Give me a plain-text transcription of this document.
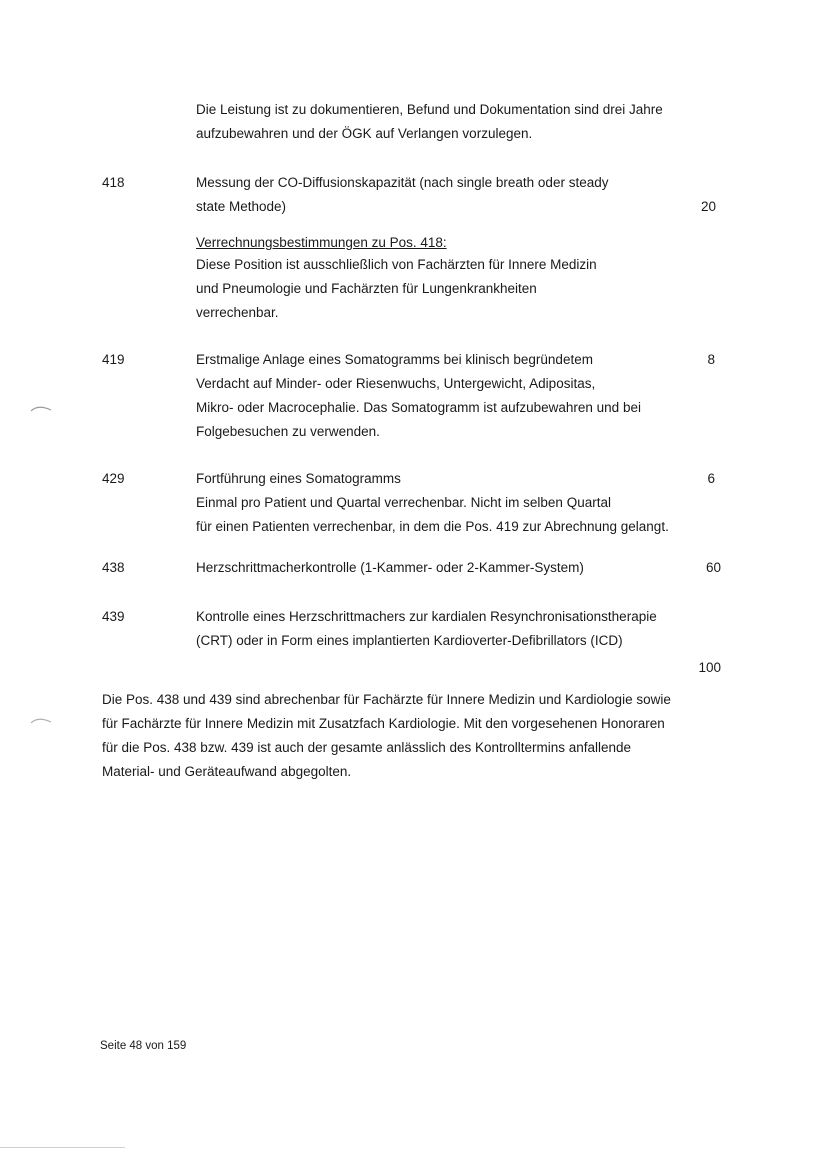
Die Leistung ist zu dokumentieren, Befund und Dokumentation sind drei Jahre
aufzubewahren und der ÖGK auf Verlangen vorzulegen.
418	Messung der CO-Diffusionskapazität (nach single breath oder steady
state Methode)	20
Verrechnungsbestimmungen zu Pos. 418:
Diese Position ist ausschließlich von Fachärzten für Innere Medizin
und Pneumologie und Fachärzten für Lungenkrankheiten
verrechenbar.
419	Erstmalige Anlage eines Somatogramms bei klinisch begründetem	8
Verdacht auf Minder- oder Riesenwuchs, Untergewicht, Adipositas,
Mikro- oder Macrocephalie. Das Somatogramm ist aufzubewahren und bei
Folgebesuchen zu verwenden.
429	Fortführung eines Somatogramms	6
Einmal pro Patient und Quartal verrechenbar. Nicht im selben Quartal
für einen Patienten verrechenbar, in dem die Pos. 419 zur Abrechnung gelangt.
438	Herzschrittmacherkontrolle (1-Kammer- oder 2-Kammer-System)	60
439	Kontrolle eines Herzschrittmachers zur kardialen Resynchronisationstherapie
(CRT) oder in Form eines implantierten Kardioverter-Defibrillators (ICD)
100
Die Pos. 438 und 439 sind abrechenbar für Fachärzte für Innere Medizin und Kardiologie sowie
für Fachärzte für Innere Medizin mit Zusatzfach Kardiologie. Mit den vorgesehenen Honoraren
für die Pos. 438 bzw. 439 ist auch der gesamte anlässlich des Kontrolltermins anfallende
Material- und Geräteaufwand abgegolten.
Seite 48 von 159
